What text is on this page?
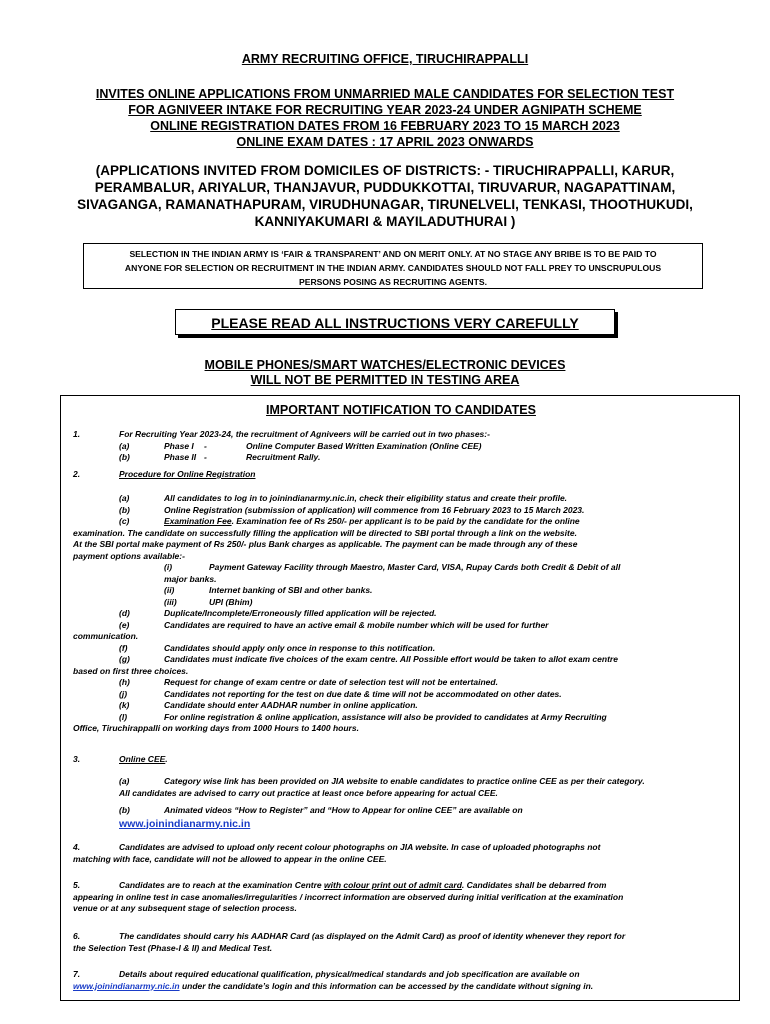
ARMY RECRUITING OFFICE, TIRUCHIRAPPALLI
INVITES ONLINE APPLICATIONS FROM UNMARRIED MALE CANDIDATES FOR SELECTION TEST
FOR AGNIVEER INTAKE FOR RECRUITING YEAR 2023-24 UNDER AGNIPATH SCHEME
ONLINE REGISTRATION DATES FROM 16 FEBRUARY 2023 TO 15 MARCH 2023
ONLINE EXAM DATES : 17 APRIL 2023 ONWARDS
(APPLICATIONS INVITED FROM DOMICILES OF DISTRICTS: - TIRUCHIRAPPALLI, KARUR,
PERAMBALUR, ARIYALUR, THANJAVUR, PUDDUKKOTTAI, TIRUVARUR, NAGAPATTINAM,
SIVAGANGA, RAMANATHAPURAM, VIRUDHUNAGAR, TIRUNELVELI, TENKASI, THOOTHUKUDI,
KANNIYAKUMARI & MAYILADUTHURAI )
SELECTION IN THE INDIAN ARMY IS ‘FAIR & TRANSPARENT’ AND ON MERIT ONLY. AT NO STAGE ANY BRIBE IS TO BE PAID TO
ANYONE FOR SELECTION OR RECRUITMENT IN THE INDIAN ARMY. CANDIDATES SHOULD NOT FALL PREY TO UNSCRUPULOUS
PERSONS POSING AS RECRUITING AGENTS.
PLEASE READ ALL INSTRUCTIONS VERY CAREFULLY
MOBILE PHONES/SMART WATCHES/ELECTRONIC DEVICES
WILL NOT BE PERMITTED IN TESTING AREA
IMPORTANT NOTIFICATION TO CANDIDATES
1.	For Recruiting Year 2023-24, the recruitment of Agniveers will be carried out in two phases:-
(a)	Phase I	-	Online Computer Based Written Examination (Online CEE)
(b)	Phase II -	Recruitment Rally.
2.	Procedure for Online Registration
(a)	All candidates to log in to joinindianarmy.nic.in, check their eligibility status and create their profile.
(b)	Online Registration (submission of application) will commence from 16 February 2023 to 15 March 2023.
(c)	Examination Fee. Examination fee of Rs 250/- per applicant is to be paid by the candidate for the online
examination. The candidate on successfully filling the application will be directed to SBI portal through a link on the website.
At the SBI portal make payment of Rs 250/- plus Bank charges as applicable. The payment can be made through any of these
payment options available:-
(i)	Payment Gateway Facility through Maestro, Master Card, VISA, Rupay Cards both Credit & Debit of all
major banks.
(ii)	Internet banking of SBI and other banks.
(iii)	UPI (Bhim)
(d)	Duplicate/Incomplete/Erroneously filled application will be rejected.
(e)	Candidates are required to have an active email & mobile number which will be used for further
communication.
(f)	Candidates should apply only once in response to this notification.
(g)	Candidates must indicate five choices of the exam centre. All Possible effort would be taken to allot exam centre
based on first three choices.
(h)	Request for change of exam centre or date of selection test will not be entertained.
(j)	Candidates not reporting for the test on due date & time will not be accommodated on other dates.
(k)	Candidate should enter AADHAR number in online application.
(l)	For online registration & online application, assistance will also be provided to candidates at Army Recruiting
Office, Tiruchirappalli on working days from 1000 Hours to 1400 hours.
3.	Online CEE.
(a)	Category wise link has been provided on JIA website to enable candidates to practice online CEE as per their category.
All candidates are advised to carry out practice at least once before appearing for actual CEE.
(b)	Animated videos “How to Register” and “How to Appear for online CEE” are available on
www.joinindianarmy.nic.in
4.	Candidates are advised to upload only recent colour photographs on JIA website. In case of uploaded photographs not
matching with face, candidate will not be allowed to appear in the online CEE.
5.	Candidates are to reach at the examination Centre with colour print out of admit card. Candidates shall be debarred from
appearing in online test in case anomalies/irregularities / incorrect information are observed during initial verification at the examination
venue or at any subsequent stage of selection process.
6.	The candidates should carry his AADHAR Card (as displayed on the Admit Card) as proof of identity whenever they report for
the Selection Test (Phase-I & II) and Medical Test.
7.	Details about required educational qualification, physical/medical standards and job specification are available on
www.joinindianarmy.nic.in under the candidate’s login and this information can be accessed by the candidate without signing in.
